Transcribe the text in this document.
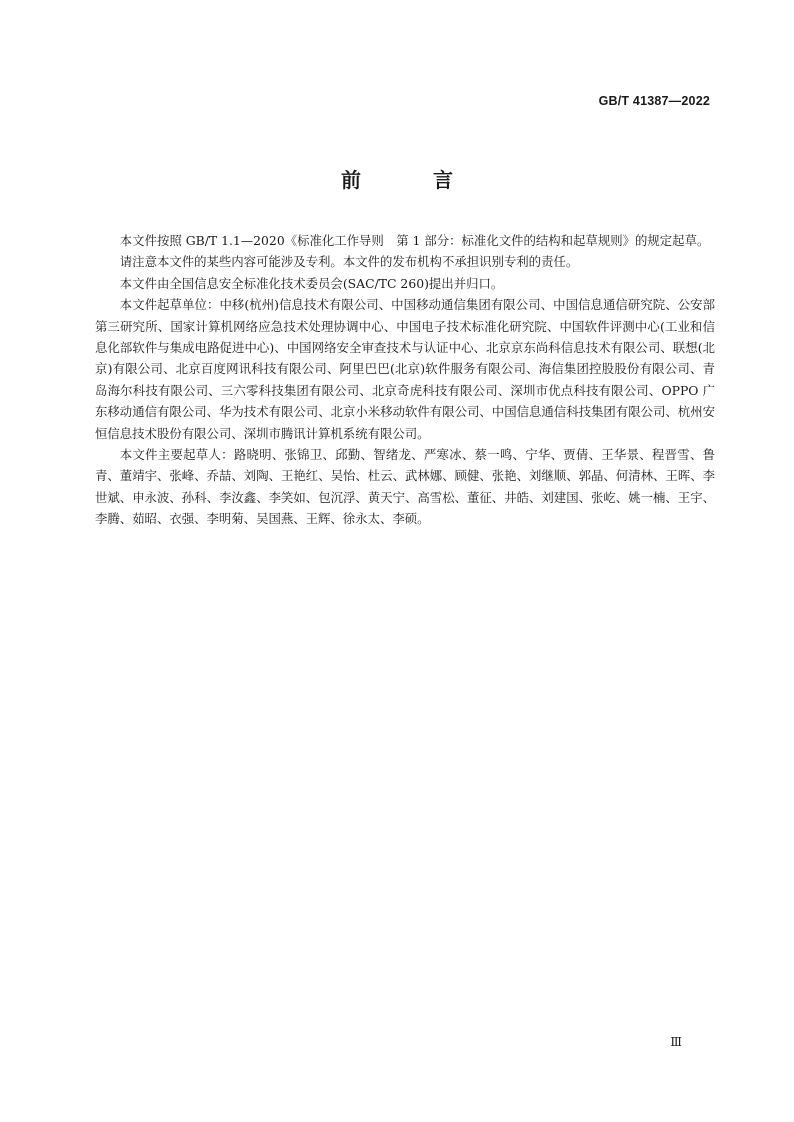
GB/T 41387—2022
前　言

本文件按照 GB/T 1.1—2020《标准化工作导则　第 1 部分：标准化文件的结构和起草规则》的规定起草。

请注意本文件的某些内容可能涉及专利。本文件的发布机构不承担识别专利的责任。

本文件由全国信息安全标准化技术委员会(SAC/TC 260)提出并归口。

本文件起草单位：中移(杭州)信息技术有限公司、中国移动通信集团有限公司、中国信息通信研究院、公安部第三研究所、国家计算机网络应急技术处理协调中心、中国电子技术标准化研究院、中国软件评测中心(工业和信息化部软件与集成电路促进中心)、中国网络安全审查技术与认证中心、北京京东尚科信息技术有限公司、联想(北京)有限公司、北京百度网讯科技有限公司、阿里巴巴(北京)软件服务有限公司、海信集团控股股份有限公司、青岛海尔科技有限公司、三六零科技集团有限公司、北京奇虎科技有限公司、深圳市优点科技有限公司、OPPO 广东移动通信有限公司、华为技术有限公司、北京小米移动软件有限公司、中国信息通信科技集团有限公司、杭州安恒信息技术股份有限公司、深圳市腾讯计算机系统有限公司。

本文件主要起草人：路晓明、张锦卫、邱勤、智绪龙、严寒冰、蔡一鸣、宁华、贾倩、王华景、程晋雪、鲁青、董靖宇、张峰、乔喆、刘陶、王艳红、吴怡、杜云、武林娜、顾健、张艳、刘继顺、郭晶、何清林、王晖、李世斌、申永波、孙科、李汝鑫、李笑如、包沉浮、黄天宁、高雪松、董征、井皓、刘建国、张屹、姚一楠、王宇、李腾、茹昭、衣强、李明菊、吴国燕、王辉、徐永太、李硕。

Ⅲ
